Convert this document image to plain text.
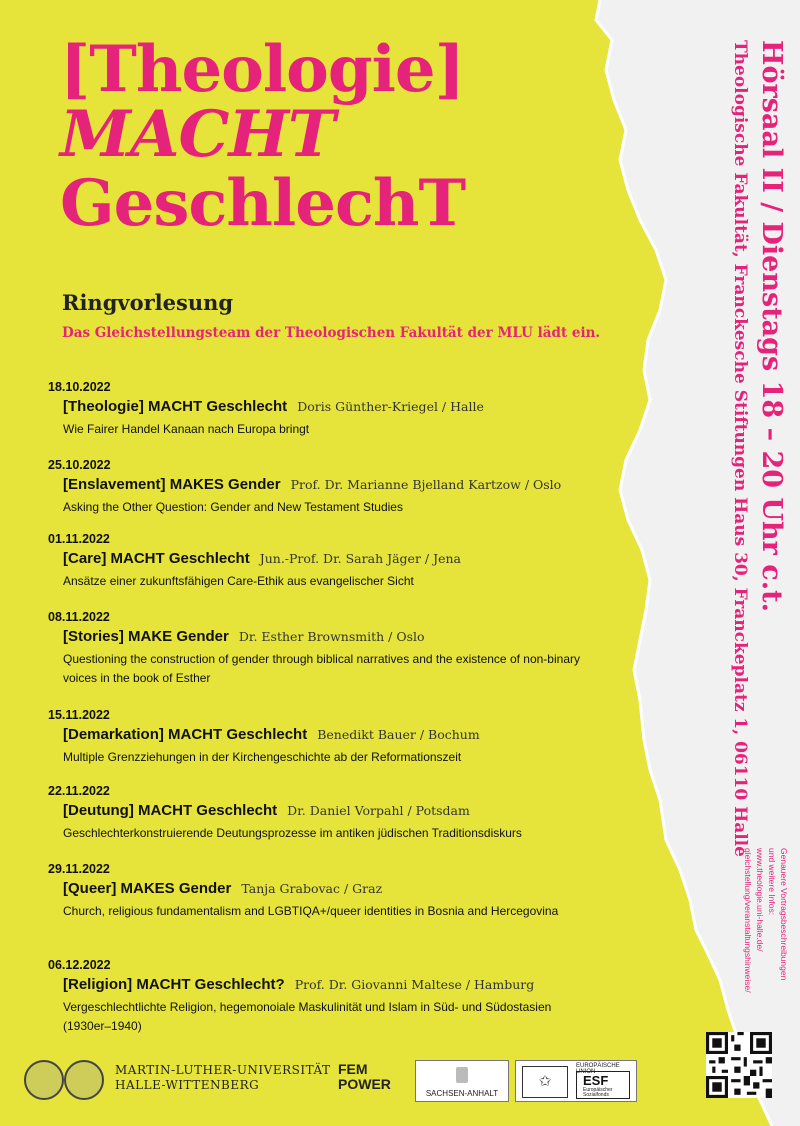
[Theologie]
MACHT
GeschlechT
Ringvorlesung
Das Gleichstellungsteam der Theologischen Fakultät der MLU lädt ein.
18.10.2022
[Theologie] MACHT Geschlecht Doris Günther-Kriegel / Halle
Wie Fairer Handel Kanaan nach Europa bringt
25.10.2022
[Enslavement] MAKES Gender Prof. Dr. Marianne Bjelland Kartzow / Oslo
Asking the Other Question: Gender and New Testament Studies
01.11.2022
[Care] MACHT Geschlecht Jun.-Prof. Dr. Sarah Jäger / Jena
Ansätze einer zukunftsfähigen Care-Ethik aus evangelischer Sicht
08.11.2022
[Stories] MAKE Gender Dr. Esther Brownsmith / Oslo
Questioning the construction of gender through biblical narratives and the existence of non-binary voices in the book of Esther
15.11.2022
[Demarkation] MACHT Geschlecht Benedikt Bauer / Bochum
Multiple Grenzziehungen in der Kirchengeschichte ab der Reformationszeit
22.11.2022
[Deutung] MACHT Geschlecht Dr. Daniel Vorpahl / Potsdam
Geschlechterkonstruierende Deutungsprozesse im antiken jüdischen Traditionsdiskurs
29.11.2022
[Queer] MAKES Gender Tanja Grabovac / Graz
Church, religious fundamentalism and LGBTIQA+/queer identities in Bosnia and Hercegovina
06.12.2022
[Religion] MACHT Geschlecht? Prof. Dr. Giovanni Maltese / Hamburg
Vergeschlechtlichte Religion, hegemonoiale Maskulinität und Islam in Süd- und Südostasien (1930er–1940)
Hörsaal II / Dienstags 18 – 20 Uhr c.t.
Theologische Fakultät, Franckesche Stiftungen Haus 30, Franckeplatz 1, 06110 Halle
Genauere Vortragsbeschreibungen
und weitere Infos:
www.theologie.uni-halle.de/
gleichstellung/veranstaltungshinweise/
MARTIN-LUTHER-UNIVERSITÄT
HALLE-WITTENBERG
FEM
POWER
SACHSEN-ANHALT
✩
EUROPÄISCHE UNION
ESF
Europäischer
Sozialfonds
